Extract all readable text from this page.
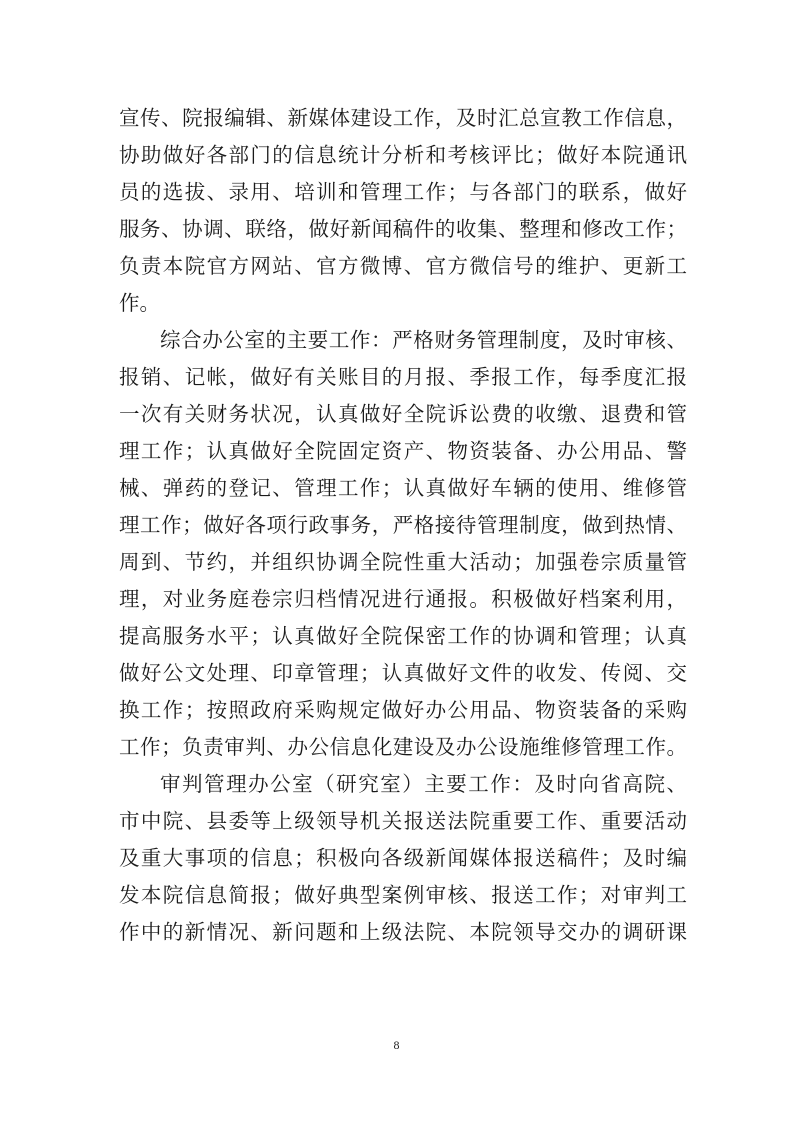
宣传、院报编辑、新媒体建设工作，及时汇总宣教工作信息，
协助做好各部门的信息统计分析和考核评比；做好本院通讯
员的选拔、录用、培训和管理工作；与各部门的联系，做好
服务、协调、联络，做好新闻稿件的收集、整理和修改工作；
负责本院官方网站、官方微博、官方微信号的维护、更新工
作。
综合办公室的主要工作：严格财务管理制度，及时审核、
报销、记帐，做好有关账目的月报、季报工作，每季度汇报
一次有关财务状况，认真做好全院诉讼费的收缴、退费和管
理工作；认真做好全院固定资产、物资装备、办公用品、警
械、弹药的登记、管理工作；认真做好车辆的使用、维修管
理工作；做好各项行政事务，严格接待管理制度，做到热情、
周到、节约，并组织协调全院性重大活动；加强卷宗质量管
理，对业务庭卷宗归档情况进行通报。积极做好档案利用，
提高服务水平；认真做好全院保密工作的协调和管理；认真
做好公文处理、印章管理；认真做好文件的收发、传阅、交
换工作；按照政府采购规定做好办公用品、物资装备的采购
工作；负责审判、办公信息化建设及办公设施维修管理工作。
审判管理办公室（研究室）主要工作：及时向省高院、
市中院、县委等上级领导机关报送法院重要工作、重要活动
及重大事项的信息；积极向各级新闻媒体报送稿件；及时编
发本院信息简报；做好典型案例审核、报送工作；对审判工
作中的新情况、新问题和上级法院、本院领导交办的调研课
8
